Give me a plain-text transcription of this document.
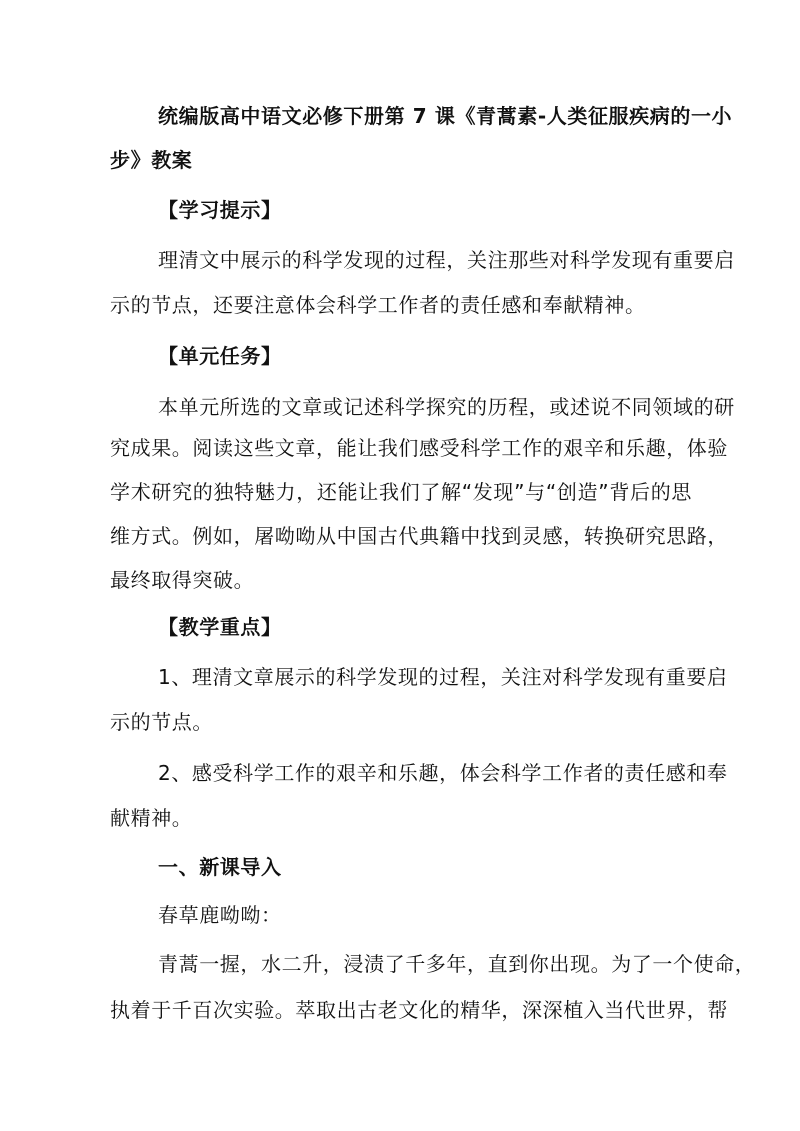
统编版高中语文必修下册第 7 课《青蒿素-人类征服疾病的一小

步》教案

【学习提示】

理清文中展示的科学发现的过程，关注那些对科学发现有重要启

示的节点，还要注意体会科学工作者的责任感和奉献精神。

【单元任务】

本单元所选的文章或记述科学探究的历程，或述说不同领域的研

究成果。阅读这些文章，能让我们感受科学工作的艰辛和乐趣，体验

学术研究的独特魅力，还能让我们了解“发现”与“创造”背后的思

维方式。例如，屠呦呦从中国古代典籍中找到灵感，转换研究思路，

最终取得突破。

【教学重点】

1、理清文章展示的科学发现的过程，关注对科学发现有重要启

示的节点。

2、感受科学工作的艰辛和乐趣，体会科学工作者的责任感和奉

献精神。

一、新课导入

春草鹿呦呦：

青蒿一握，水二升，浸渍了千多年，直到你出现。为了一个使命，

执着于千百次实验。萃取出古老文化的精华，深深植入当代世界，帮
